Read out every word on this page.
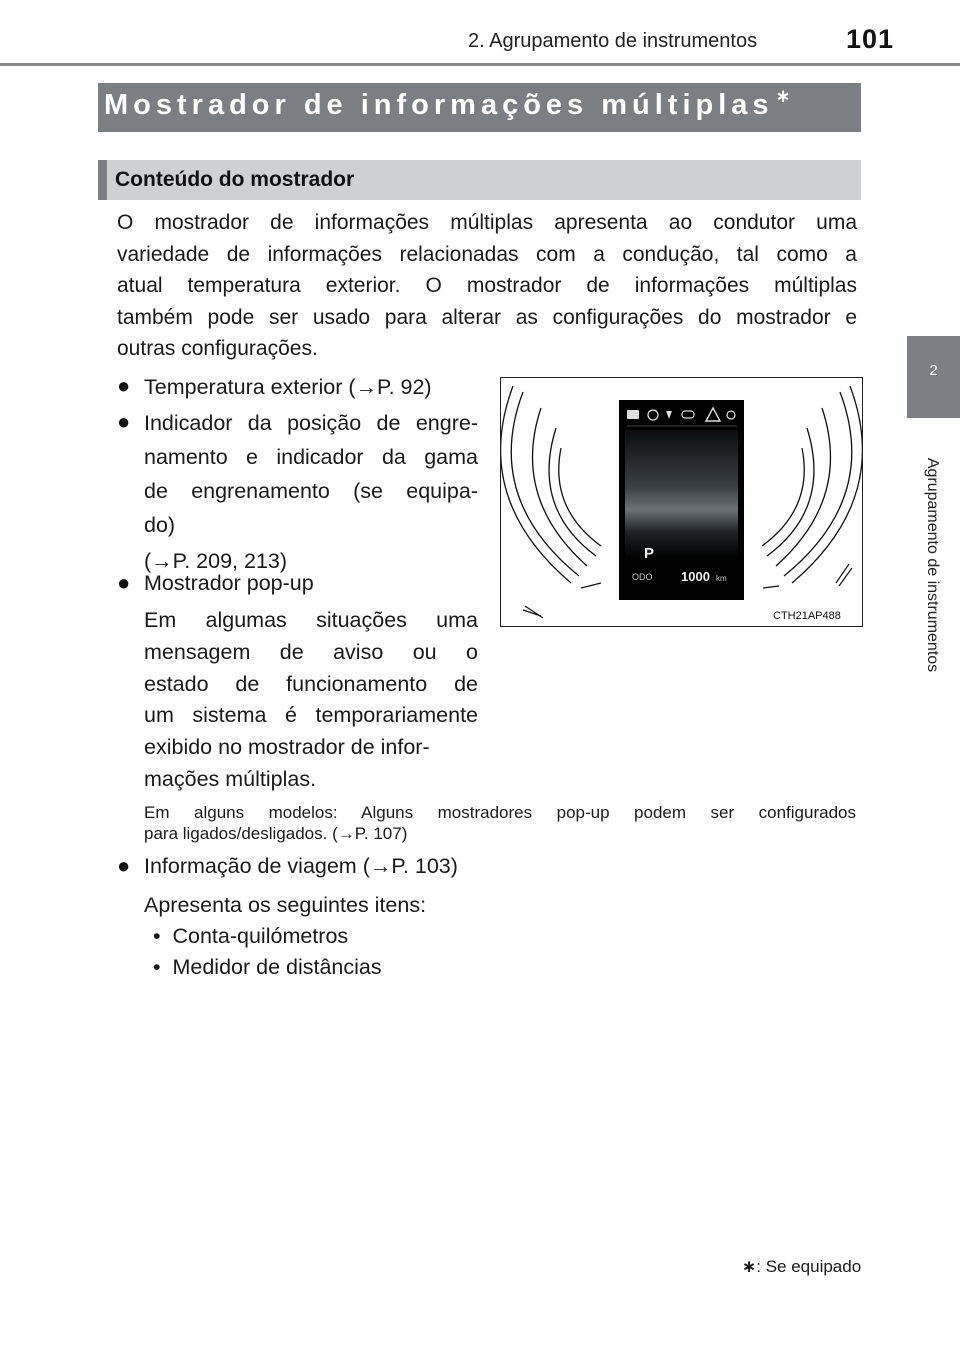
2. Agrupamento de instrumentos	101
2
Agrupamento de instrumentos
Mostrador de informações múltiplas ∗
Conteúdo do mostrador
O mostrador de informações múltiplas apresenta ao condutor uma
variedade de informações relacionadas com a condução, tal como a
atual temperatura exterior. O mostrador de informações múltiplas
também pode ser usado para alterar as configurações do mostrador e
outras configurações.
● Temperatura exterior (→P. 92)
● Indicador da posição de engre-
namento e indicador da gama
de engrenamento (se equipa-
do)
(→P. 209, 213)
● Mostrador pop-up
Em algumas situações uma
mensagem de aviso ou o
estado de funcionamento de
um sistema é temporariamente
exibido no mostrador de infor-
mações múltiplas.
Em alguns modelos: Alguns mostradores pop-up podem ser configurados
para ligados/desligados. (→P. 107)
● Informação de viagem (→P. 103)
Apresenta os seguintes itens:
•  Conta-quilómetros
•  Medidor de distâncias
P
ODO 1000 km
CTH21AP488
∗: Se equipado
